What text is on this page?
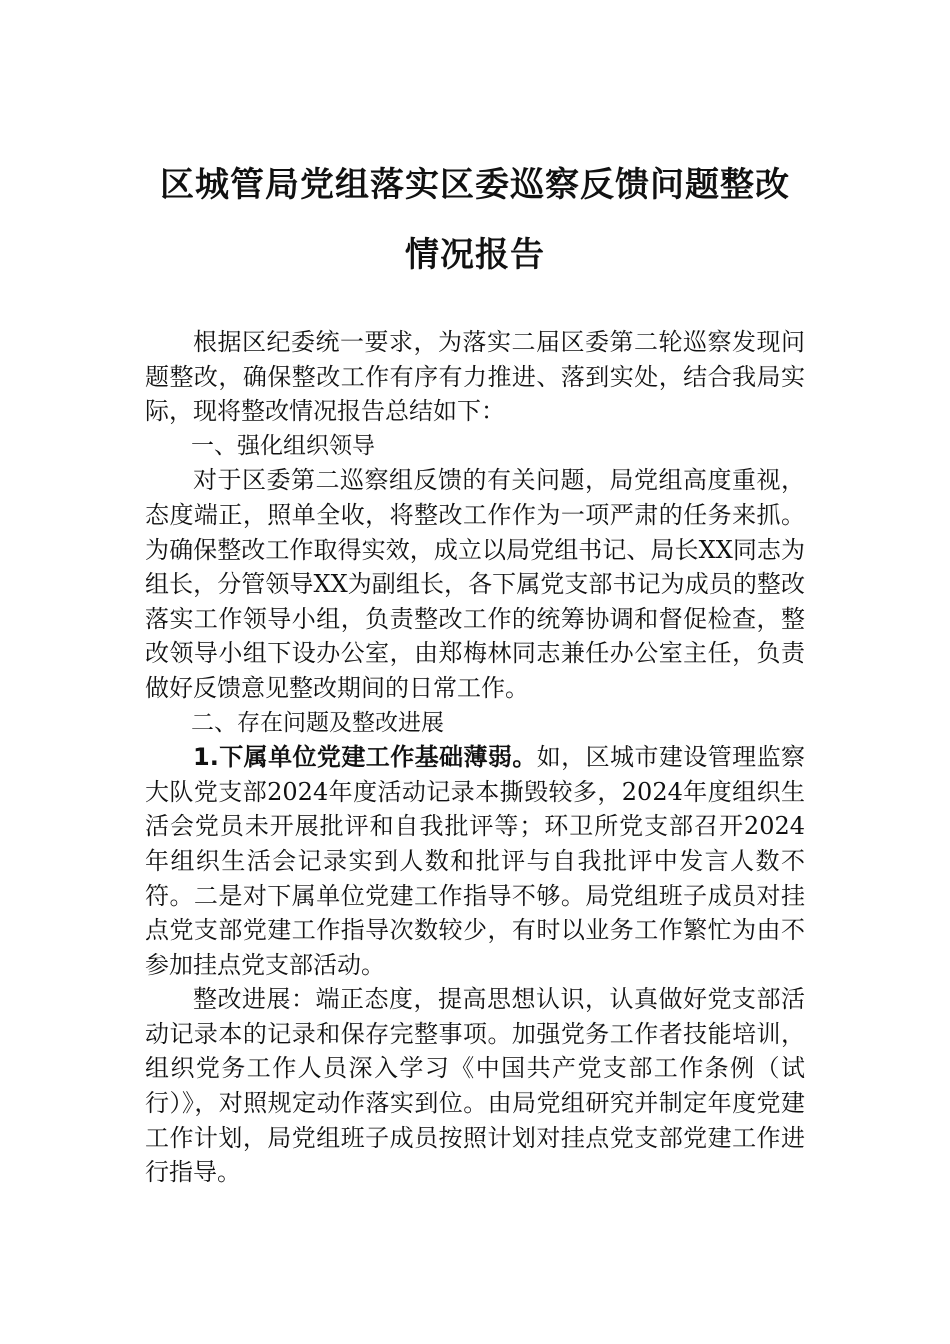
区城管局党组落实区委巡察反馈问题整改
情况报告

根据区纪委统一要求，为落实二届区委第二轮巡察发现问题整改，确保整改工作有序有力推进、落到实处，结合我局实际，现将整改情况报告总结如下：

一、强化组织领导

对于区委第二巡察组反馈的有关问题，局党组高度重视，态度端正，照单全收，将整改工作作为一项严肃的任务来抓。为确保整改工作取得实效，成立以局党组书记、局长XX同志为组长，分管领导XX为副组长，各下属党支部书记为成员的整改落实工作领导小组，负责整改工作的统筹协调和督促检查，整改领导小组下设办公室，由郑梅林同志兼任办公室主任，负责做好反馈意见整改期间的日常工作。

二、存在问题及整改进展

1.下属单位党建工作基础薄弱。如，区城市建设管理监察大队党支部2024年度活动记录本撕毁较多，2024年度组织生活会党员未开展批评和自我批评等；环卫所党支部召开2024年组织生活会记录实到人数和批评与自我批评中发言人数不符。二是对下属单位党建工作指导不够。局党组班子成员对挂点党支部党建工作指导次数较少，有时以业务工作繁忙为由不参加挂点党支部活动。

整改进展：端正态度，提高思想认识，认真做好党支部活动记录本的记录和保存完整事项。加强党务工作者技能培训，组织党务工作人员深入学习《中国共产党支部工作条例（试行）》，对照规定动作落实到位。由局党组研究并制定年度党建工作计划，局党组班子成员按照计划对挂点党支部党建工作进行指导。
